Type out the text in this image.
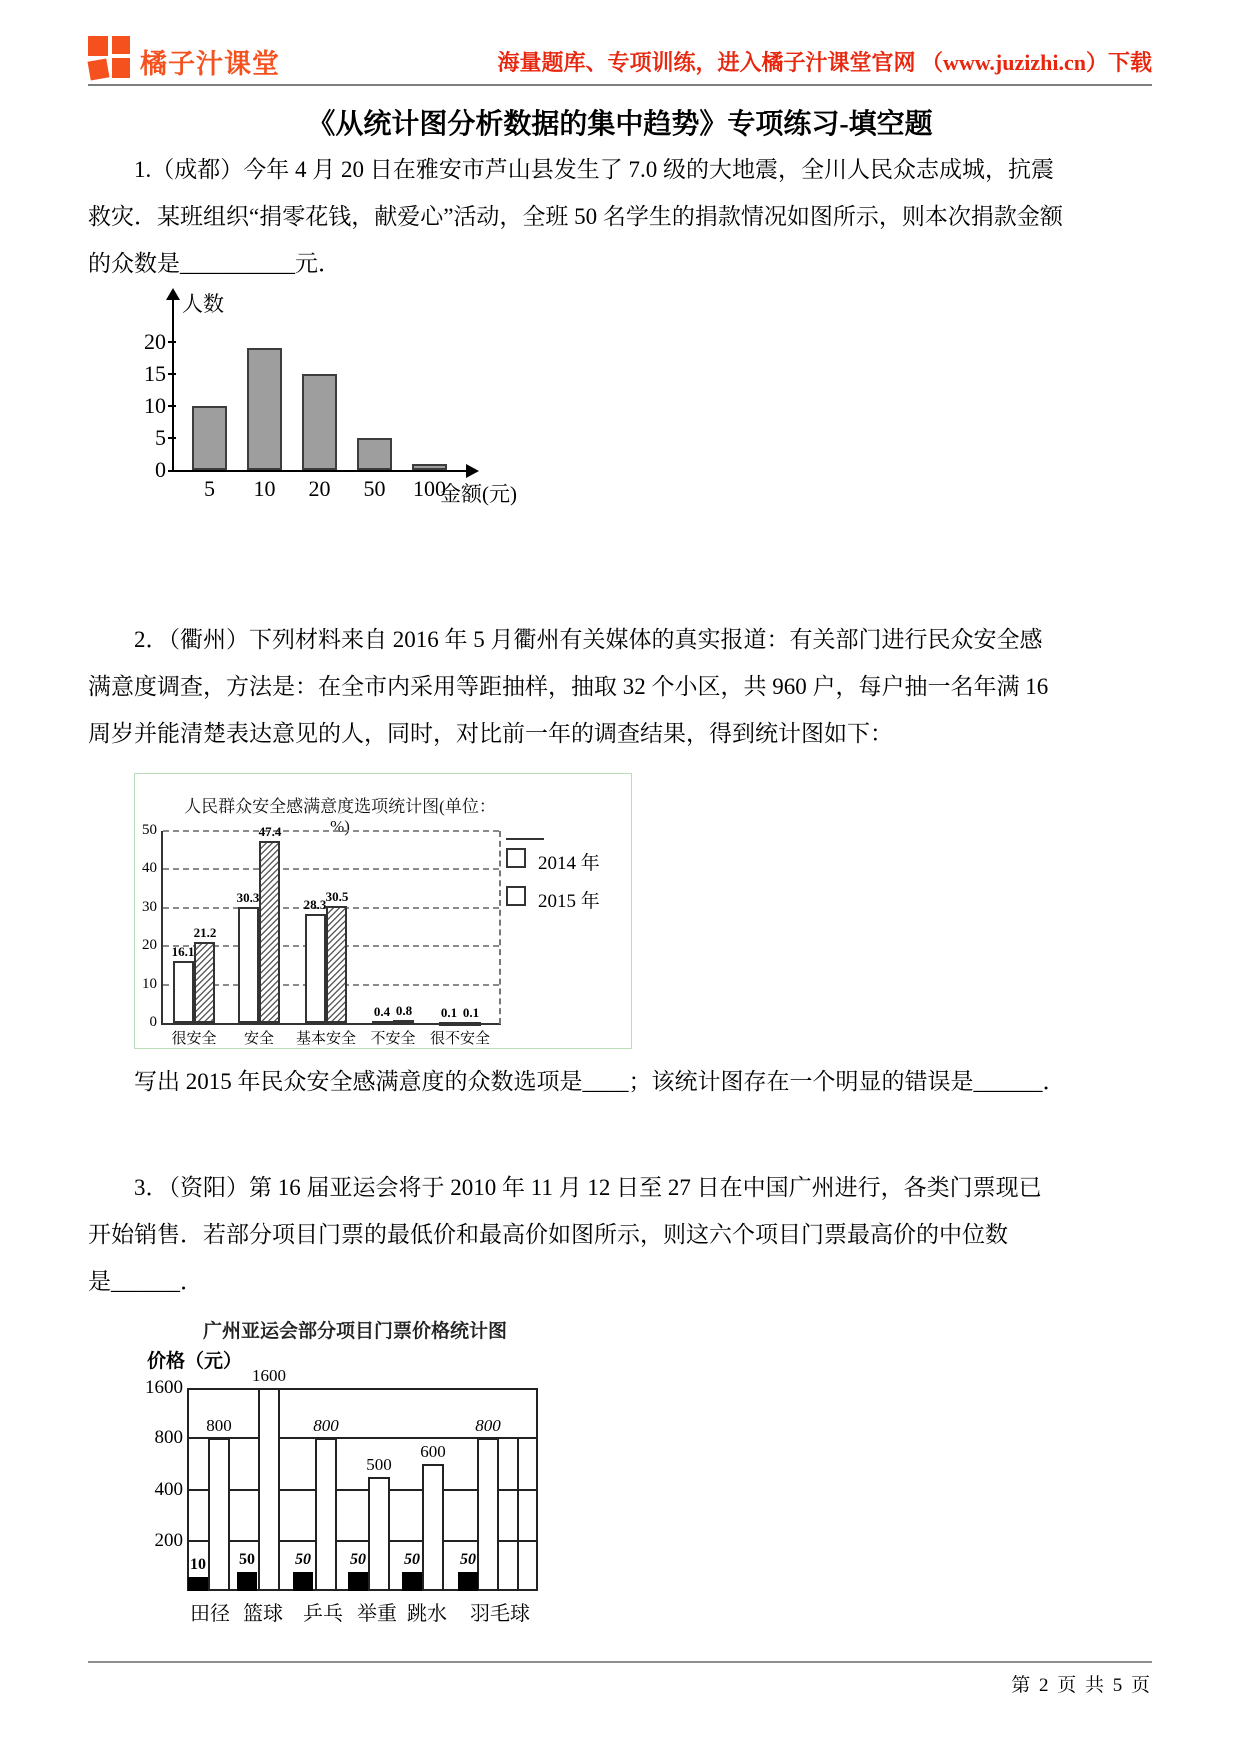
橘子汁课堂	海量题库、专项训练，进入橘子汁课堂官网 （www.juzizhi.cn）下载
《从统计图分析数据的集中趋势》专项练习-填空题
1.（成都）今年 4 月 20 日在雅安市芦山县发生了 7.0 级的大地震，全川人民众志成城，抗震
救灾．某班组织“捐零花钱，献爱心”活动，全班 50 名学生的捐款情况如图所示，则本次捐款金额
的众数是__________元．
人数
金额(元)
0
5
10
15
20
5	10	20	50	100
2．（衢州）下列材料来自 2016 年 5 月衢州有关媒体的真实报道：有关部门进行民众安全感
满意度调查，方法是：在全市内采用等距抽样，抽取 32 个小区，共 960 户，每户抽一名年满 16
周岁并能清楚表达意见的人，同时，对比前一年的调查结果，得到统计图如下：
人民群众安全感满意度选项统计图(单位：%)
2014 年
2015 年
0
10
20
30
40
50
16.1
21.2
很安全
30.3
47.4
安全
28.3
30.5
基本安全
0.4 0.8
不安全
0.1 0.1
很不安全
写出 2015 年民众安全感满意度的众数选项是____；该统计图存在一个明显的错误是______．
3．（资阳）第 16 届亚运会将于 2010 年 11 月 12 日至 27 日在中国广州进行，各类门票现已
开始销售．若部分项目门票的最低价和最高价如图所示，则这六个项目门票最高价的中位数
是______．
广州亚运会部分项目门票价格统计图
价格（元）
200
400
800
1600
800
10
田径
1600
50
篮球
800
50
乒乓
500
50
举重
600
50
跳水
800
50
羽毛球
第 2 页 共 5 页
